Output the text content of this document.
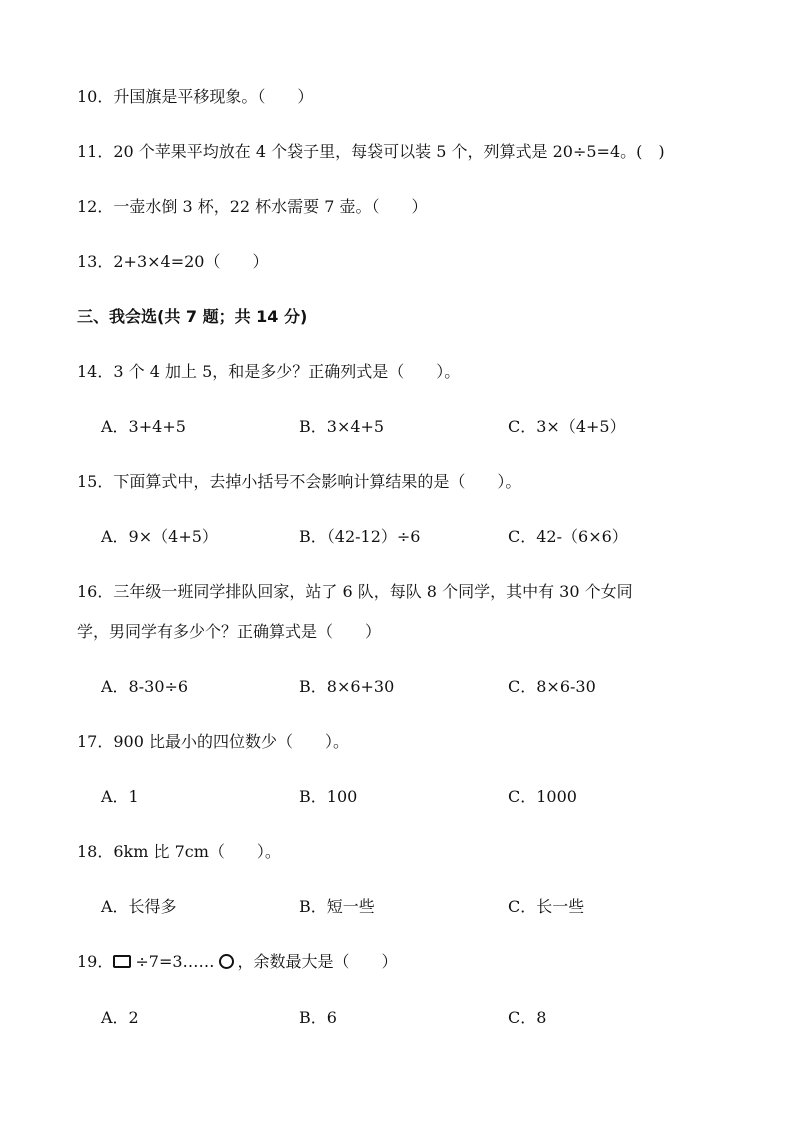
10．升国旗是平移现象。（　　）
11．20 个苹果平均放在 4 个袋子里，每袋可以装 5 个，列算式是 20÷5=4。(　)
12．一壶水倒 3 杯，22 杯水需要 7 壶。（　　）
13．2+3×4=20（　　）
三、我会选(共 7 题；共 14 分)
14．3 个 4 加上 5，和是多少？正确列式是（　　）。
A．3+4+5	B．3×4+5	C．3×（4+5）
15．下面算式中，去掉小括号不会影响计算结果的是（　　）。
A．9×（4+5）	B．（42-12）÷6	C．42-（6×6）
16．三年级一班同学排队回家，站了 6 队，每队 8 个同学，其中有 30 个女同
学，男同学有多少个？正确算式是（　　）
A．8-30÷6	B．8×6+30	C．8×6-30
17．900 比最小的四位数少（　　）。
A．1	B．100	C．1000
18．6km 比 7cm（　　）。
A．长得多	B．短一些	C．长一些
19． ÷7=3…… ，余数最大是（　　）
A．2	B．6	C．8
